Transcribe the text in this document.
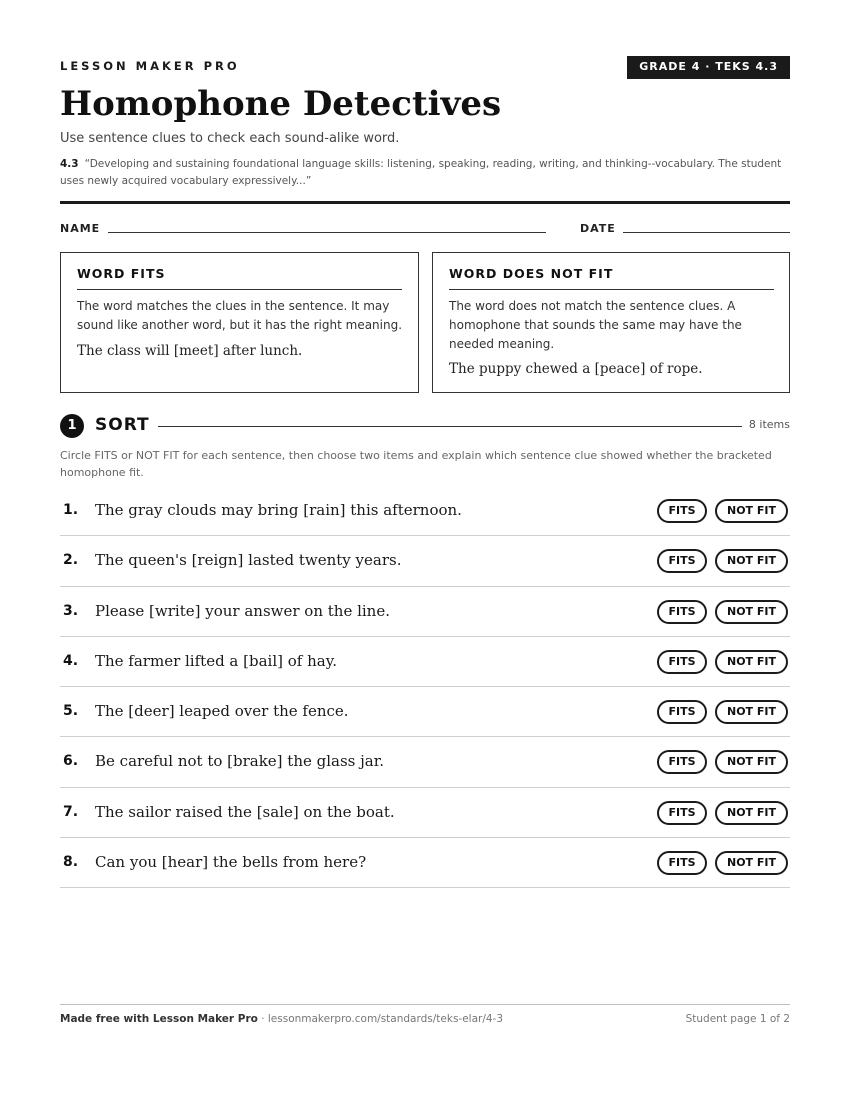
LESSON MAKER PRO	GRADE 4 · TEKS 4.3
Homophone Detectives
Use sentence clues to check each sound-alike word.
4.3 “Developing and sustaining foundational language skills: listening, speaking, reading, writing, and thinking--vocabulary. The student uses newly acquired vocabulary expressively...”
NAME	DATE
WORD FITS
The word matches the clues in the sentence. It may sound like another word, but it has the right meaning.
The class will [meet] after lunch.
WORD DOES NOT FIT
The word does not match the sentence clues. A homophone that sounds the same may have the needed meaning.
The puppy chewed a [peace] of rope.
1	SORT	8 items
Circle FITS or NOT FIT for each sentence, then choose two items and explain which sentence clue showed whether the bracketed homophone fit.
1. The gray clouds may bring [rain] this afternoon.	FITS	NOT FIT
2. The queen's [reign] lasted twenty years.	FITS	NOT FIT
3. Please [write] your answer on the line.	FITS	NOT FIT
4. The farmer lifted a [bail] of hay.	FITS	NOT FIT
5. The [deer] leaped over the fence.	FITS	NOT FIT
6. Be careful not to [brake] the glass jar.	FITS	NOT FIT
7. The sailor raised the [sale] on the boat.	FITS	NOT FIT
8. Can you [hear] the bells from here?	FITS	NOT FIT
Made free with Lesson Maker Pro · lessonmakerpro.com/standards/teks-elar/4-3	Student page 1 of 2
